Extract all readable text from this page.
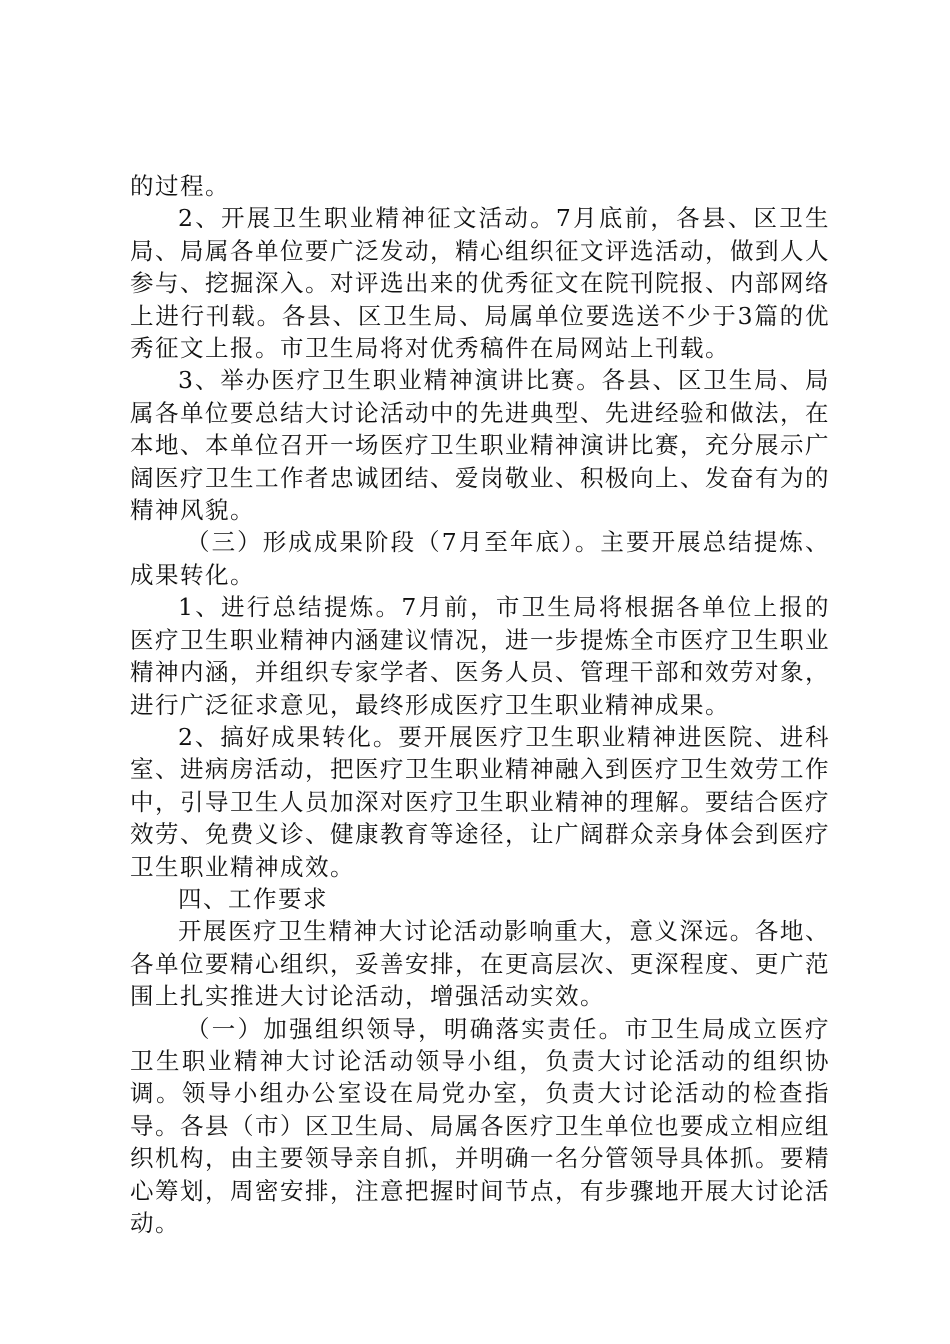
的过程。

2、开展卫生职业精神征文活动。7月底前，各县、区卫生局、局属各单位要广泛发动，精心组织征文评选活动，做到人人参与、挖掘深入。对评选出来的优秀征文在院刊院报、内部网络上进行刊载。各县、区卫生局、局属单位要选送不少于3篇的优秀征文上报。市卫生局将对优秀稿件在局网站上刊载。

3、举办医疗卫生职业精神演讲比赛。各县、区卫生局、局属各单位要总结大讨论活动中的先进典型、先进经验和做法，在本地、本单位召开一场医疗卫生职业精神演讲比赛，充分展示广阔医疗卫生工作者忠诚团结、爱岗敬业、积极向上、发奋有为的精神风貌。

（三）形成成果阶段（7月至年底）。主要开展总结提炼、成果转化。

1、进行总结提炼。7月前，市卫生局将根据各单位上报的医疗卫生职业精神内涵建议情况，进一步提炼全市医疗卫生职业精神内涵，并组织专家学者、医务人员、管理干部和效劳对象，进行广泛征求意见，最终形成医疗卫生职业精神成果。

2、搞好成果转化。要开展医疗卫生职业精神进医院、进科室、进病房活动，把医疗卫生职业精神融入到医疗卫生效劳工作中，引导卫生人员加深对医疗卫生职业精神的理解。要结合医疗效劳、免费义诊、健康教育等途径，让广阔群众亲身体会到医疗卫生职业精神成效。

四、工作要求

开展医疗卫生精神大讨论活动影响重大，意义深远。各地、各单位要精心组织，妥善安排，在更高层次、更深程度、更广范围上扎实推进大讨论活动，增强活动实效。

（一）加强组织领导，明确落实责任。市卫生局成立医疗卫生职业精神大讨论活动领导小组，负责大讨论活动的组织协调。领导小组办公室设在局党办室，负责大讨论活动的检查指导。各县（市）区卫生局、局属各医疗卫生单位也要成立相应组织机构，由主要领导亲自抓，并明确一名分管领导具体抓。要精心筹划，周密安排，注意把握时间节点，有步骤地开展大讨论活动。
